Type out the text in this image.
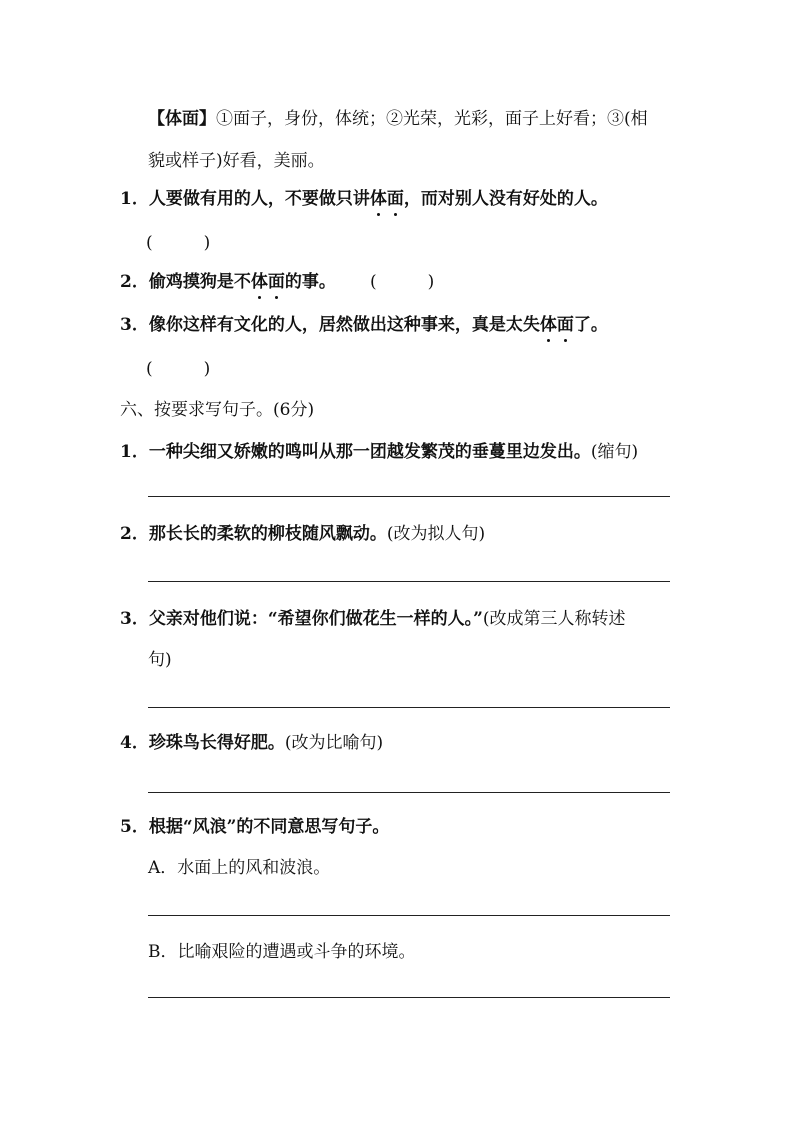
【体面】①面子，身份，体统；②光荣，光彩，面子上好看；③(相
貌或样子)好看，美丽。
1．人要做有用的人，不要做只讲体面，而对别人没有好处的人。
(　　　)
2．偷鸡摸狗是不体面的事。 (　　　)
3．像你这样有文化的人，居然做出这种事来，真是太失体面了。
(　　　)
六、按要求写句子。(6分)
1．一种尖细又娇嫩的鸣叫从那一团越发繁茂的垂蔓里边发出。(缩句)
2．那长长的柔软的柳枝随风飘动。(改为拟人句)
3．父亲对他们说：“希望你们做花生一样的人。”(改成第三人称转述
句)
4．珍珠鸟长得好肥。(改为比喻句)
5．根据“风浪”的不同意思写句子。
A．水面上的风和波浪。
B．比喻艰险的遭遇或斗争的环境。
